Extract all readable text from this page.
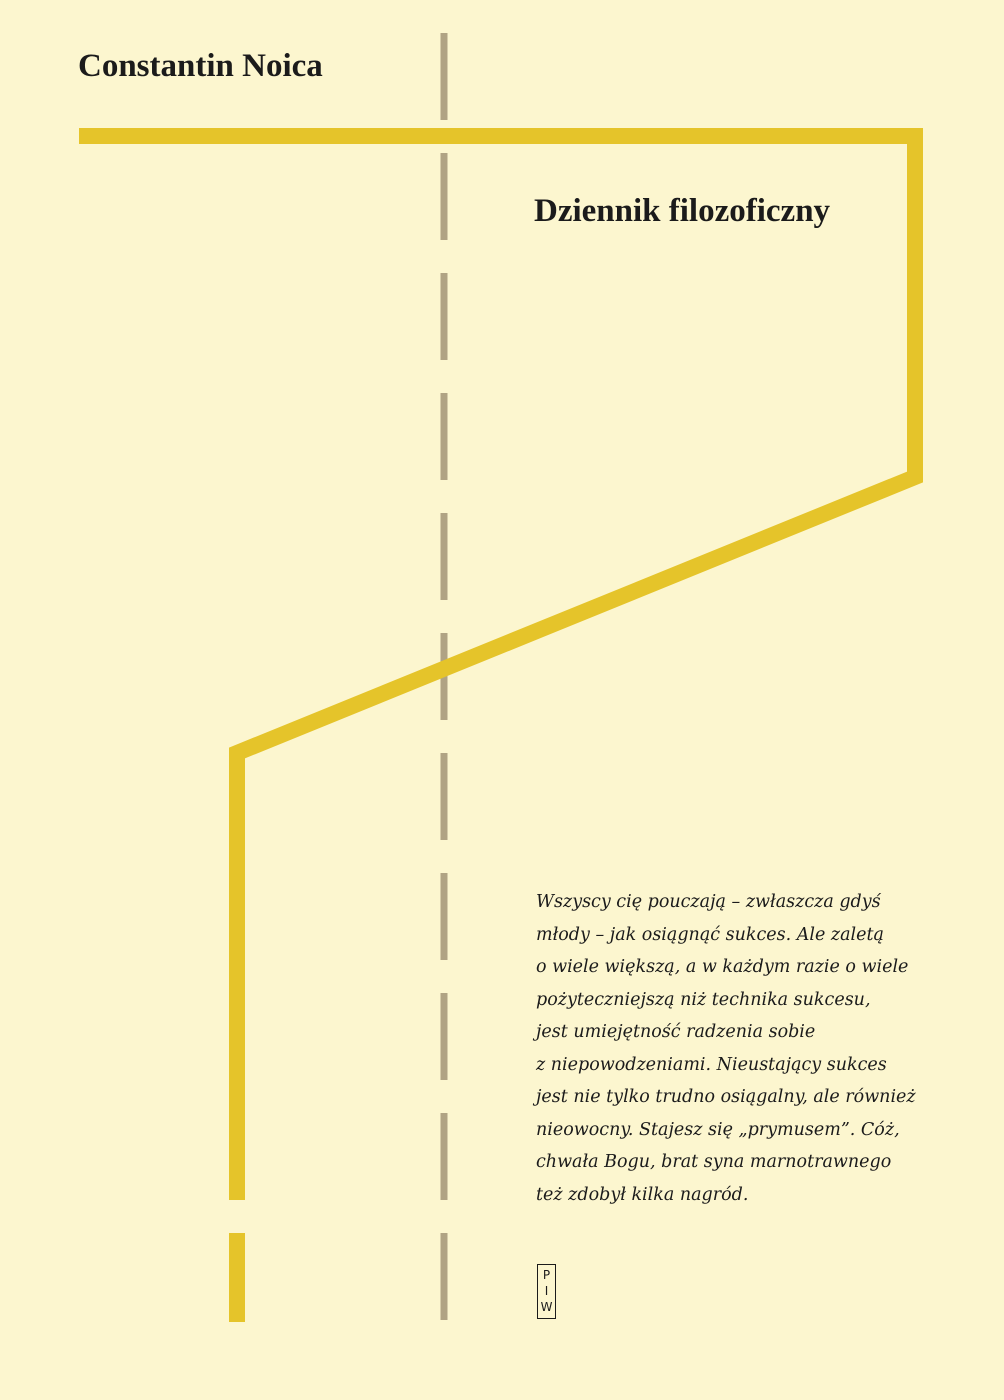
Constantin Noica
Dziennik filozoficzny

Wszyscy cię pouczają – zwłaszcza gdyś
młody – jak osiągnąć sukces. Ale zaletą
o wiele większą, a w każdym razie o wiele
pożyteczniejszą niż technika sukcesu,
jest umiejętność radzenia sobie
z niepowodzeniami. Nieustający sukces
jest nie tylko trudno osiągalny, ale również
nieowocny. Stajesz się „prymusem”. Cóż,
chwała Bogu, brat syna marnotrawnego
też zdobył kilka nagród.

P
I
W
